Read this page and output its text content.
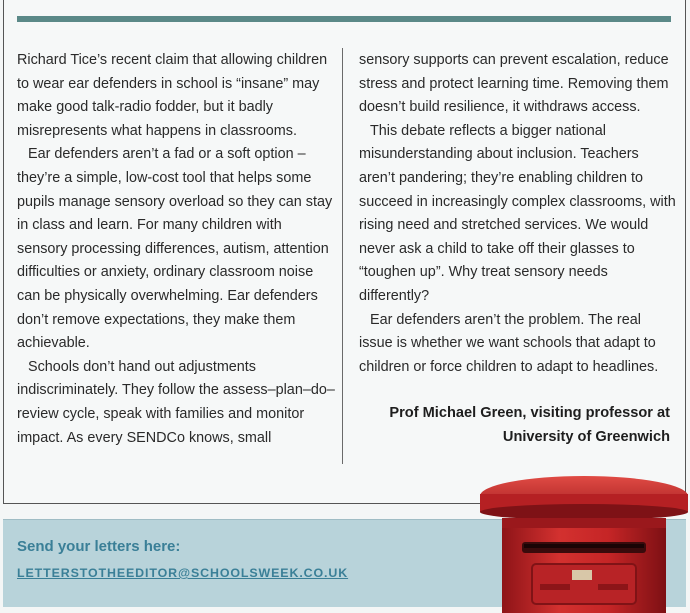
Richard Tice’s recent claim that allowing children to wear ear defenders in school is “insane” may make good talk-radio fodder, but it badly misrepresents what happens in classrooms.

Ear defenders aren’t a fad or a soft option – they’re a simple, low-cost tool that helps some pupils manage sensory overload so they can stay in class and learn. For many children with sensory processing differences, autism, attention difficulties or anxiety, ordinary classroom noise can be physically overwhelming. Ear defenders don’t remove expectations, they make them achievable.

Schools don’t hand out adjustments indiscriminately. They follow the assess–plan–do–review cycle, speak with families and monitor impact. As every SENDCo knows, small

sensory supports can prevent escalation, reduce stress and protect learning time. Removing them doesn’t build resilience, it withdraws access.

This debate reflects a bigger national misunderstanding about inclusion. Teachers aren’t pandering; they’re enabling children to succeed in increasingly complex classrooms, with rising need and stretched services. We would never ask a child to take off their glasses to “toughen up”. Why treat sensory needs differently?

Ear defenders aren’t the problem. The real issue is whether we want schools that adapt to children or force children to adapt to headlines.

Prof Michael Green, visiting professor at
University of Greenwich
Send your letters here:
LETTERSTOTHEEDITOR@SCHOOLSWEEK.CO.UK
